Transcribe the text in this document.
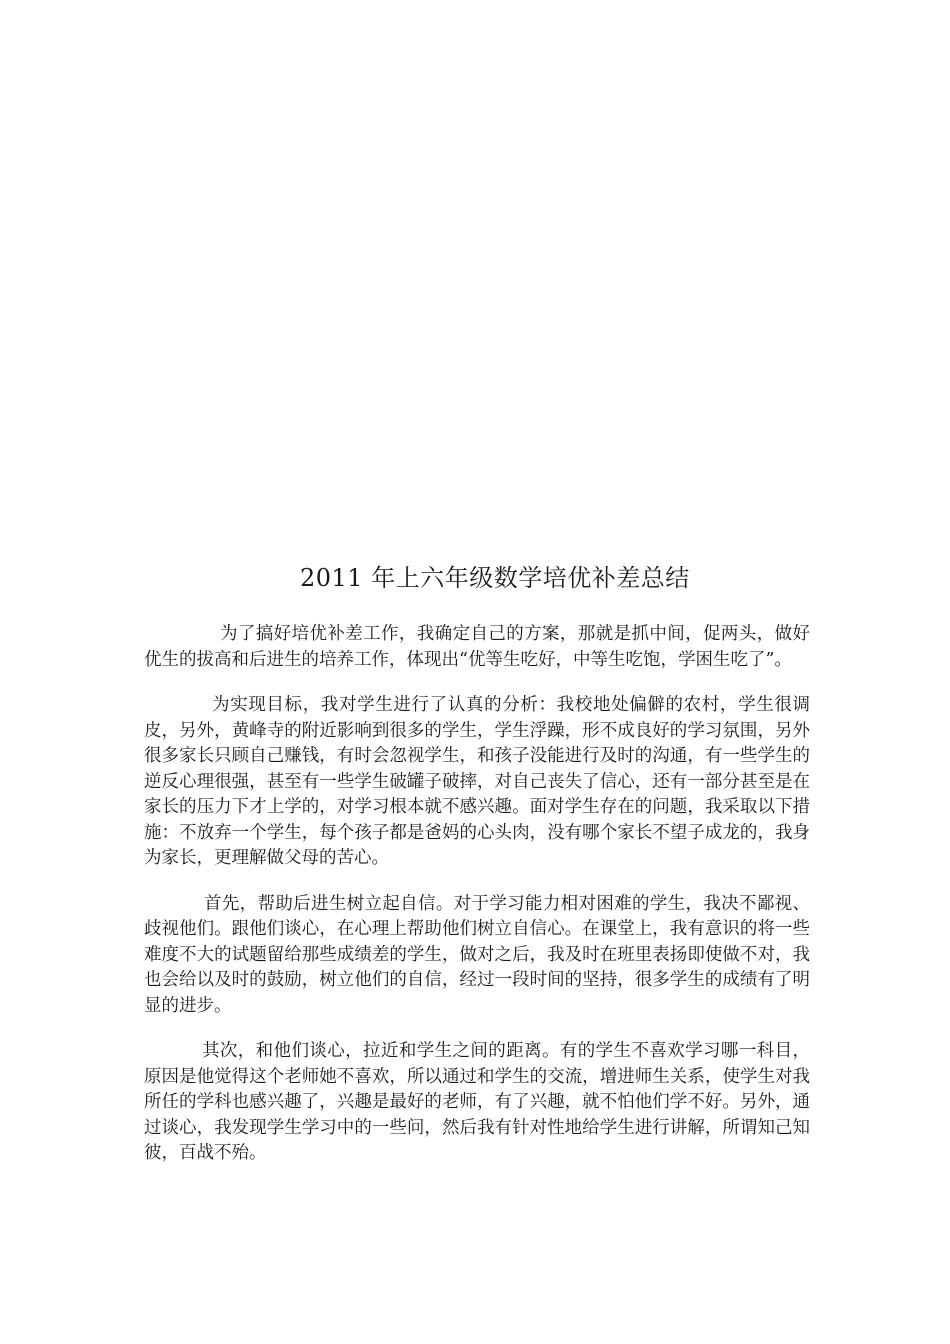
2011 年上六年级数学培优补差总结

为了搞好培优补差工作，我确定自己的方案，那就是抓中间，促两头，做好优生的拔高和后进生的培养工作，体现出“优等生吃好，中等生吃饱，学困生吃了”。

为实现目标，我对学生进行了认真的分析：我校地处偏僻的农村，学生很调皮，另外，黄峰寺的附近影响到很多的学生，学生浮躁，形不成良好的学习氛围，另外很多家长只顾自己赚钱，有时会忽视学生，和孩子没能进行及时的沟通，有一些学生的逆反心理很强，甚至有一些学生破罐子破摔，对自己丧失了信心，还有一部分甚至是在家长的压力下才上学的，对学习根本就不感兴趣。面对学生存在的问题，我采取以下措施：不放弃一个学生，每个孩子都是爸妈的心头肉，没有哪个家长不望子成龙的，我身为家长，更理解做父母的苦心。

首先，帮助后进生树立起自信。对于学习能力相对困难的学生，我决不鄙视、歧视他们。跟他们谈心，在心理上帮助他们树立自信心。在课堂上，我有意识的将一些难度不大的试题留给那些成绩差的学生，做对之后，我及时在班里表扬即使做不对，我也会给以及时的鼓励，树立他们的自信，经过一段时间的坚持，很多学生的成绩有了明显的进步。

其次，和他们谈心，拉近和学生之间的距离。有的学生不喜欢学习哪一科目，原因是他觉得这个老师她不喜欢，所以通过和学生的交流，增进师生关系，使学生对我所任的学科也感兴趣了，兴趣是最好的老师，有了兴趣，就不怕他们学不好。另外，通过谈心，我发现学生学习中的一些问，然后我有针对性地给学生进行讲解，所谓知己知彼，百战不殆。
